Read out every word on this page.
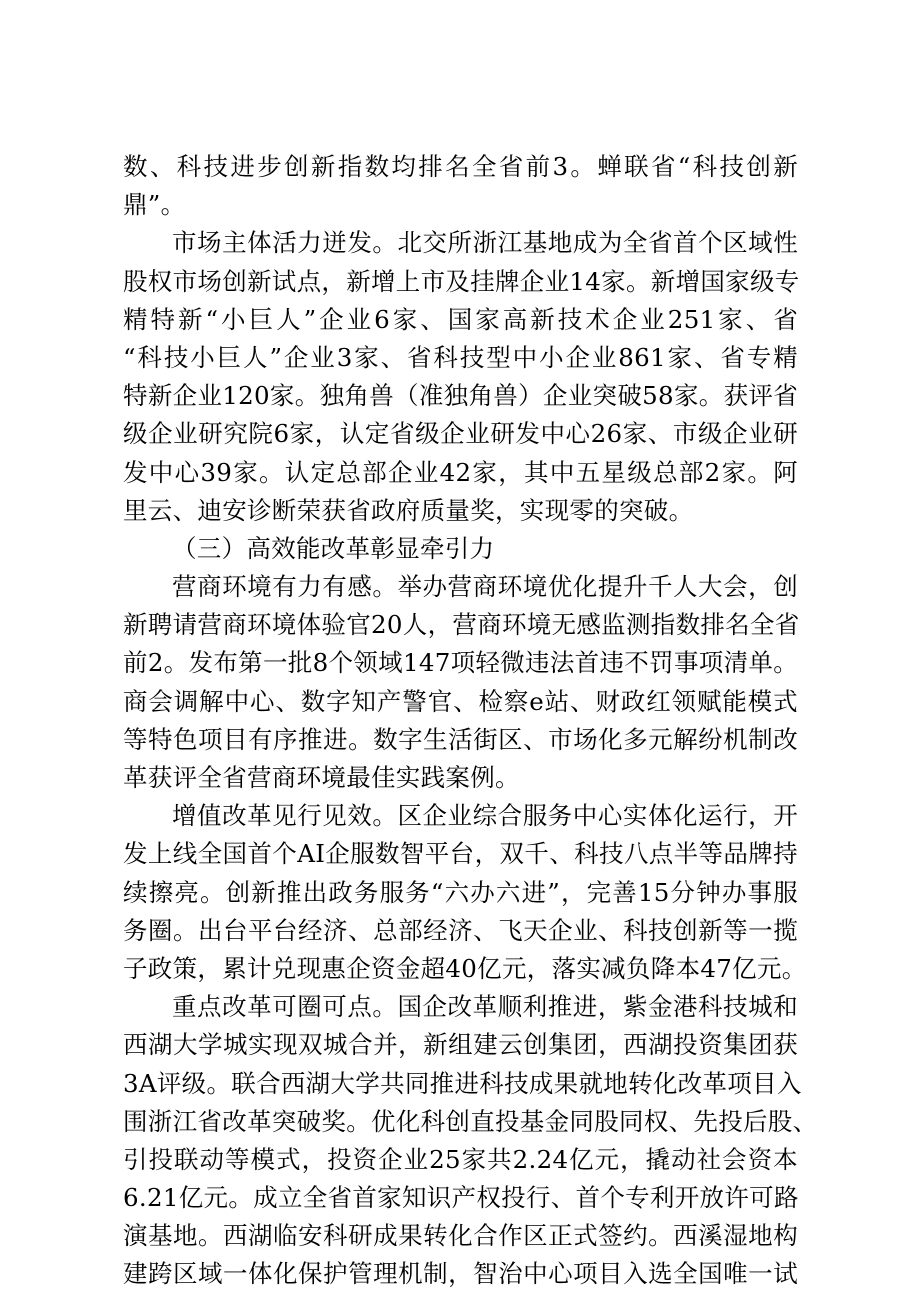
数、科技进步创新指数均排名全省前3。蝉联省“科技创新
鼎”。
市场主体活力迸发。北交所浙江基地成为全省首个区域性
股权市场创新试点，新增上市及挂牌企业14家。新增国家级专
精特新“小巨人”企业6家、国家高新技术企业251家、省
“科技小巨人”企业3家、省科技型中小企业861家、省专精
特新企业120家。独角兽（准独角兽）企业突破58家。获评省
级企业研究院6家，认定省级企业研发中心26家、市级企业研
发中心39家。认定总部企业42家，其中五星级总部2家。阿
里云、迪安诊断荣获省政府质量奖，实现零的突破。
（三）高效能改革彰显牵引力
营商环境有力有感。举办营商环境优化提升千人大会，创
新聘请营商环境体验官20人，营商环境无感监测指数排名全省
前2。发布第一批8个领域147项轻微违法首违不罚事项清单。
商会调解中心、数字知产警官、检察e站、财政红领赋能模式
等特色项目有序推进。数字生活街区、市场化多元解纷机制改
革获评全省营商环境最佳实践案例。
增值改革见行见效。区企业综合服务中心实体化运行，开
发上线全国首个AI企服数智平台，双千、科技八点半等品牌持
续擦亮。创新推出政务服务“六办六进”，完善15分钟办事服
务圈。出台平台经济、总部经济、飞天企业、科技创新等一揽
子政策，累计兑现惠企资金超40亿元，落实减负降本47亿元。
重点改革可圈可点。国企改革顺利推进，紫金港科技城和
西湖大学城实现双城合并，新组建云创集团，西湖投资集团获
3A评级。联合西湖大学共同推进科技成果就地转化改革项目入
围浙江省改革突破奖。优化科创直投基金同股同权、先投后股、
引投联动等模式，投资企业25家共2.24亿元，撬动社会资本
6.21亿元。成立全省首家知识产权投行、首个专利开放许可路
演基地。西湖临安科研成果转化合作区正式签约。西溪湿地构
建跨区域一体化保护管理机制，智治中心项目入选全国唯一试
